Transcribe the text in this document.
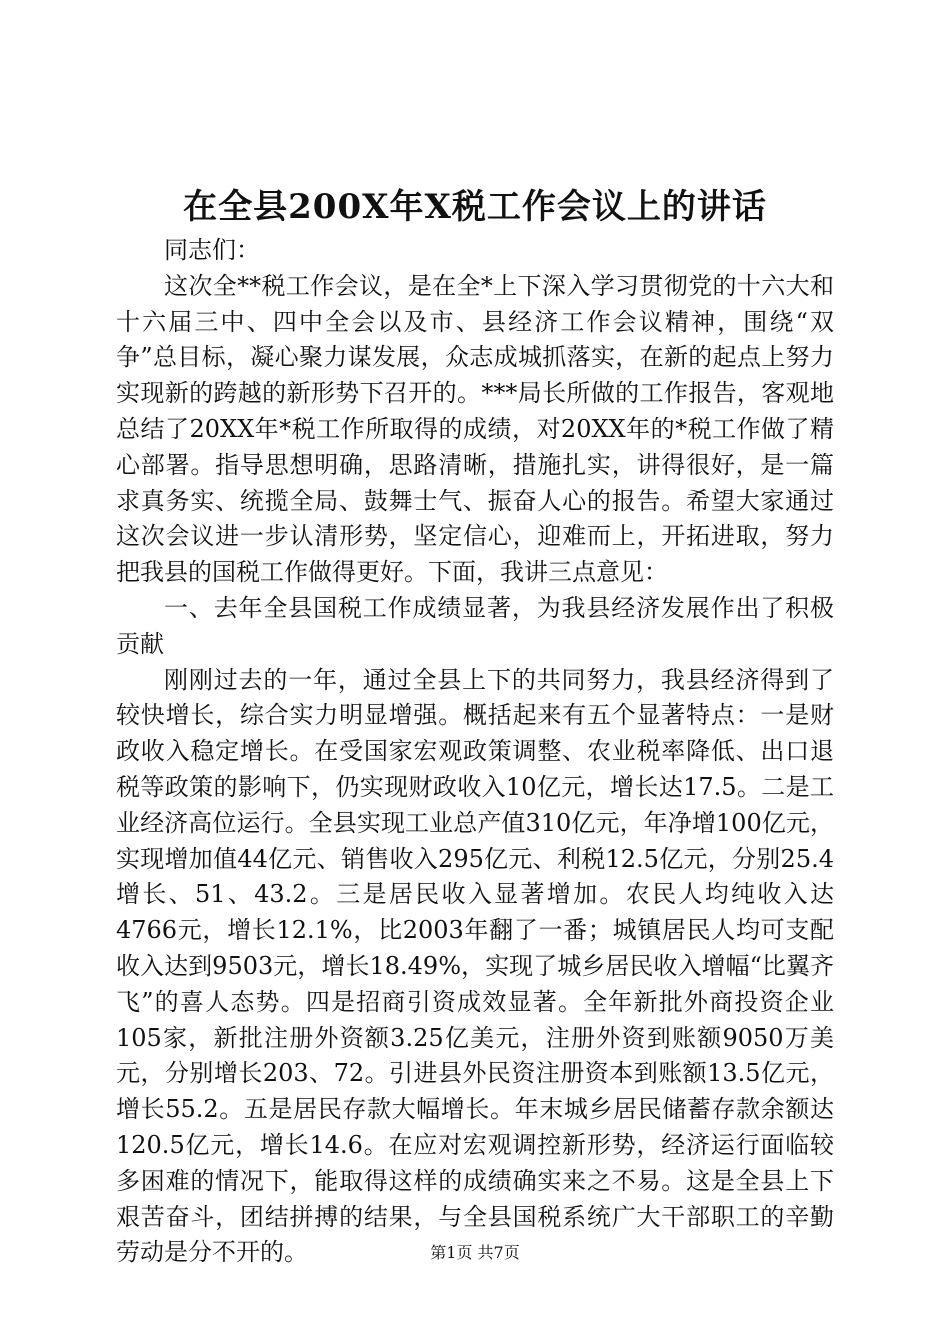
在全县200X年X税工作会议上的讲话

同志们：

这次全**税工作会议，是在全*上下深入学习贯彻党的十六大和十六届三中、四中全会以及市、县经济工作会议精神，围绕“双争”总目标，凝心聚力谋发展，众志成城抓落实，在新的起点上努力实现新的跨越的新形势下召开的。***局长所做的工作报告，客观地总结了20XX年*税工作所取得的成绩，对20XX年的*税工作做了精心部署。指导思想明确，思路清晰，措施扎实，讲得很好，是一篇求真务实、统揽全局、鼓舞士气、振奋人心的报告。希望大家通过这次会议进一步认清形势，坚定信心，迎难而上，开拓进取，努力把我县的国税工作做得更好。下面，我讲三点意见：

一、去年全县国税工作成绩显著，为我县经济发展作出了积极贡献

刚刚过去的一年，通过全县上下的共同努力，我县经济得到了较快增长，综合实力明显增强。概括起来有五个显著特点：一是财政收入稳定增长。在受国家宏观政策调整、农业税率降低、出口退税等政策的影响下，仍实现财政收入10亿元，增长达17.5。二是工业经济高位运行。全县实现工业总产值310亿元，年净增100亿元，实现增加值44亿元、销售收入295亿元、利税12.5亿元，分别25.4增长、51、43.2。三是居民收入显著增加。农民人均纯收入达4766元，增长12.1%，比2003年翻了一番；城镇居民人均可支配收入达到9503元，增长18.49%，实现了城乡居民收入增幅“比翼齐飞”的喜人态势。四是招商引资成效显著。全年新批外商投资企业105家，新批注册外资额3.25亿美元，注册外资到账额9050万美元，分别增长203、72。引进县外民资注册资本到账额13.5亿元，增长55.2。五是居民存款大幅增长。年末城乡居民储蓄存款余额达120.5亿元，增长14.6。在应对宏观调控新形势，经济运行面临较多困难的情况下，能取得这样的成绩确实来之不易。这是全县上下艰苦奋斗，团结拼搏的结果，与全县国税系统广大干部职工的辛勤劳动是分不开的。	第1页 共7页
